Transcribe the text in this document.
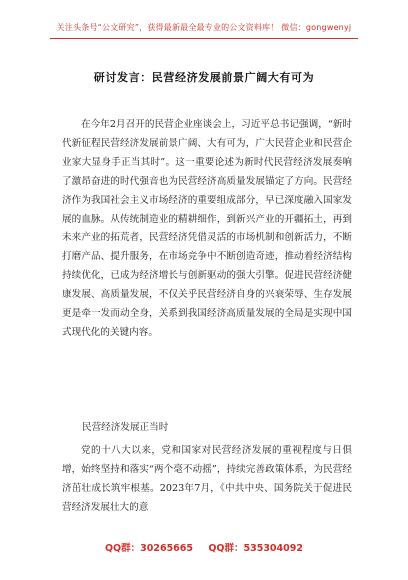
关注头条号“公文研究”，获得最新最全最专业的公文资料库！ 微信：gongwenyj
研讨发言：民营经济发展前景广阔大有可为

在今年2月召开的民营企业座谈会上，习近平总书记强调，“新时代新征程民营经济发展前景广阔、大有可为，广大民营企业和民营企业家大显身手正当其时”。这一重要论述为新时代民营经济发展奏响了激昂奋进的时代强音也为民营经济高质量发展锚定了方向。民营经济作为我国社会主义市场经济的重要组成部分，早已深度融入国家发展的血脉。从传统制造业的精耕细作，到新兴产业的开疆拓土，再到未来产业的拓荒者，民营经济凭借灵活的市场机制和创新活力，不断打磨产品、提升服务，在市场竞争中不断创造奇迹，推动着经济结构持续优化，已成为经济增长与创新驱动的强大引擎。促进民营经济健康发展、高质量发展，不仅关乎民营经济自身的兴衰荣辱、生存发展更是牵一发而动全身，关系到我国经济高质量发展的全局是实现中国式现代化的关键内容。

民营经济发展正当时

党的十八大以来，党和国家对民营经济发展的重视程度与日俱增，始终坚持和落实“两个毫不动摇”，持续完善政策体系，为民营经济茁壮成长筑牢根基。2023年7月，《中共中央、国务院关于促进民营经济发展壮大的意

QQ群：30265665 QQ群：535304092
